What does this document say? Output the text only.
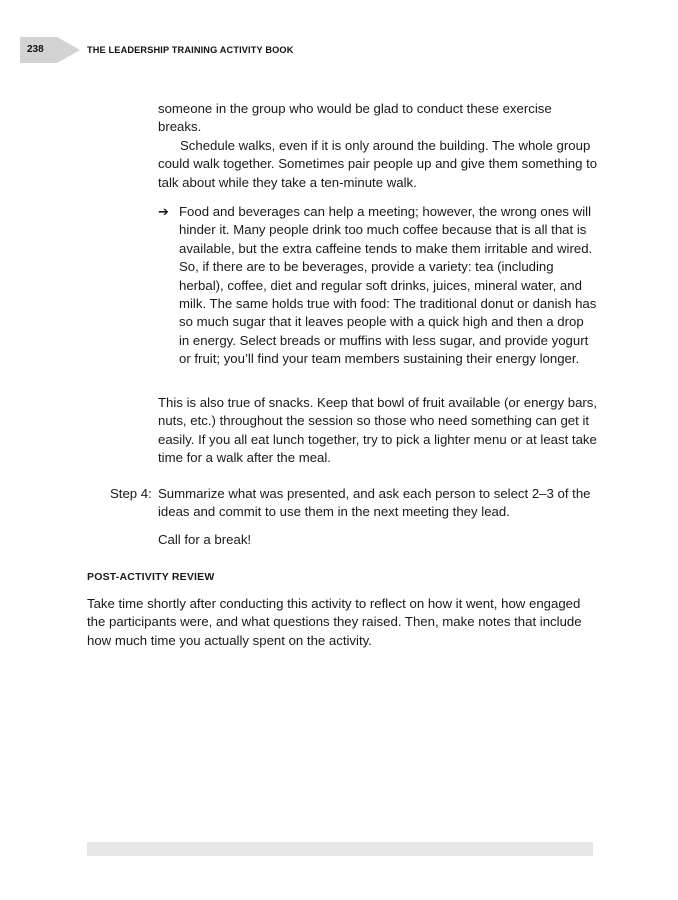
238	THE LEADERSHIP TRAINING ACTIVITY BOOK

someone in the group who would be glad to conduct these exercise breaks.

Schedule walks, even if it is only around the building. The whole group could walk together. Sometimes pair people up and give them something to talk about while they take a ten-minute walk.

➔ Food and beverages can help a meeting; however, the wrong ones will hinder it. Many people drink too much coffee because that is all that is available, but the extra caffeine tends to make them irritable and wired. So, if there are to be beverages, provide a variety: tea (including herbal), coffee, diet and regular soft drinks, juices, mineral water, and milk. The same holds true with food: The traditional donut or danish has so much sugar that it leaves people with a quick high and then a drop in energy. Select breads or muffins with less sugar, and provide yogurt or fruit; you’ll find your team members sustaining their energy longer.

This is also true of snacks. Keep that bowl of fruit available (or energy bars, nuts, etc.) throughout the session so those who need something can get it easily. If you all eat lunch together, try to pick a lighter menu or at least take time for a walk after the meal.

Step 4: Summarize what was presented, and ask each person to select 2–3 of the ideas and commit to use them in the next meeting they lead.

Call for a break!

POST-ACTIVITY REVIEW

Take time shortly after conducting this activity to reflect on how it went, how engaged the participants were, and what questions they raised. Then, make notes that include how much time you actually spent on the activity.
